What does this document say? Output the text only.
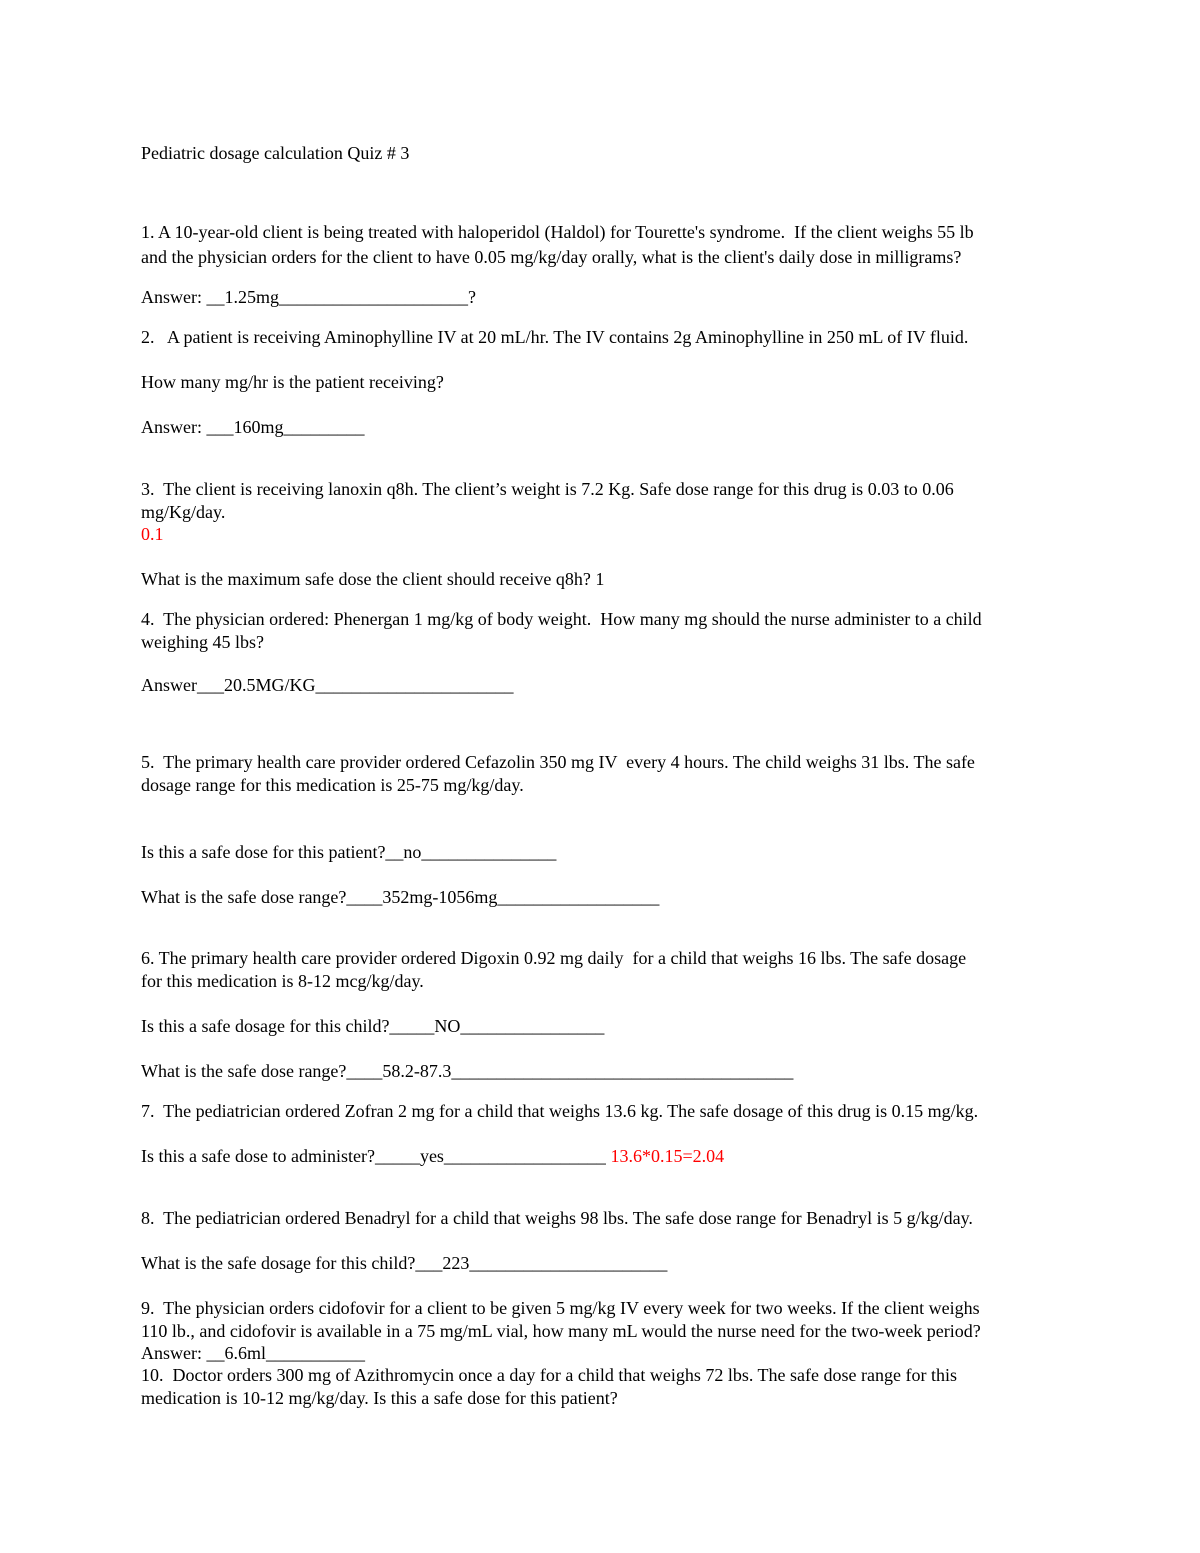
Pediatric dosage calculation Quiz # 3
1. A 10-year-old client is being treated with haloperidol (Haldol) for Tourette's syndrome.  If the client weighs 55 lb
and the physician orders for the client to have 0.05 mg/kg/day orally, what is the client's daily dose in milligrams?
Answer: __1.25mg_____________________?
2.   A patient is receiving Aminophylline IV at 20 mL/hr. The IV contains 2g Aminophylline in 250 mL of IV fluid.
How many mg/hr is the patient receiving?
Answer: ___160mg_________
3.  The client is receiving lanoxin q8h. The client’s weight is 7.2 Kg. Safe dose range for this drug is 0.03 to 0.06
mg/Kg/day.
0.1
What is the maximum safe dose the client should receive q8h? 1
4.  The physician ordered: Phenergan 1 mg/kg of body weight.  How many mg should the nurse administer to a child
weighing 45 lbs?
Answer___20.5MG/KG______________________
5.  The primary health care provider ordered Cefazolin 350 mg IV  every 4 hours. The child weighs 31 lbs. The safe
dosage range for this medication is 25-75 mg/kg/day.
Is this a safe dose for this patient?__no_______________
What is the safe dose range?____352mg-1056mg__________________
6. The primary health care provider ordered Digoxin 0.92 mg daily  for a child that weighs 16 lbs. The safe dosage
for this medication is 8-12 mcg/kg/day.
Is this a safe dosage for this child?_____NO________________
What is the safe dose range?____58.2-87.3______________________________________
7.  The pediatrician ordered Zofran 2 mg for a child that weighs 13.6 kg. The safe dosage of this drug is 0.15 mg/kg.
Is this a safe dose to administer?_____yes__________________ 13.6*0.15=2.04
8.  The pediatrician ordered Benadryl for a child that weighs 98 lbs. The safe dose range for Benadryl is 5 g/kg/day.
What is the safe dosage for this child?___223______________________
9.  The physician orders cidofovir for a client to be given 5 mg/kg IV every week for two weeks. If the client weighs
110 lb., and cidofovir is available in a 75 mg/mL vial, how many mL would the nurse need for the two-week period?
Answer: __6.6ml___________
10.  Doctor orders 300 mg of Azithromycin once a day for a child that weighs 72 lbs. The safe dose range for this
medication is 10-12 mg/kg/day. Is this a safe dose for this patient?
